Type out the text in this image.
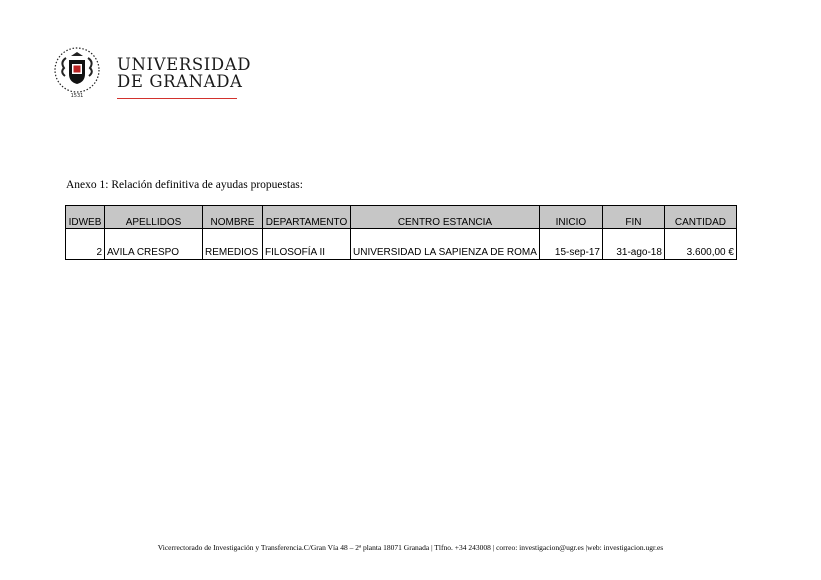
1531
UNIVERSIDAD
DE GRANADA
Anexo 1: Relación definitiva de ayudas propuestas:
IDWEB	APELLIDOS	NOMBRE	DEPARTAMENTO	CENTRO ESTANCIA	INICIO	FIN	CANTIDAD
2	AVILA CRESPO	REMEDIOS	FILOSOFÍA II	UNIVERSIDAD LA SAPIENZA DE ROMA	15-sep-17	31-ago-18	3.600,00 €
Vicerrectorado de Investigación y Transferencia.C/Gran Vía 48 – 2ª planta 18071 Granada | Tlfno. +34 243008 | correo: investigacion@ugr.es |web: investigacion.ugr.es
